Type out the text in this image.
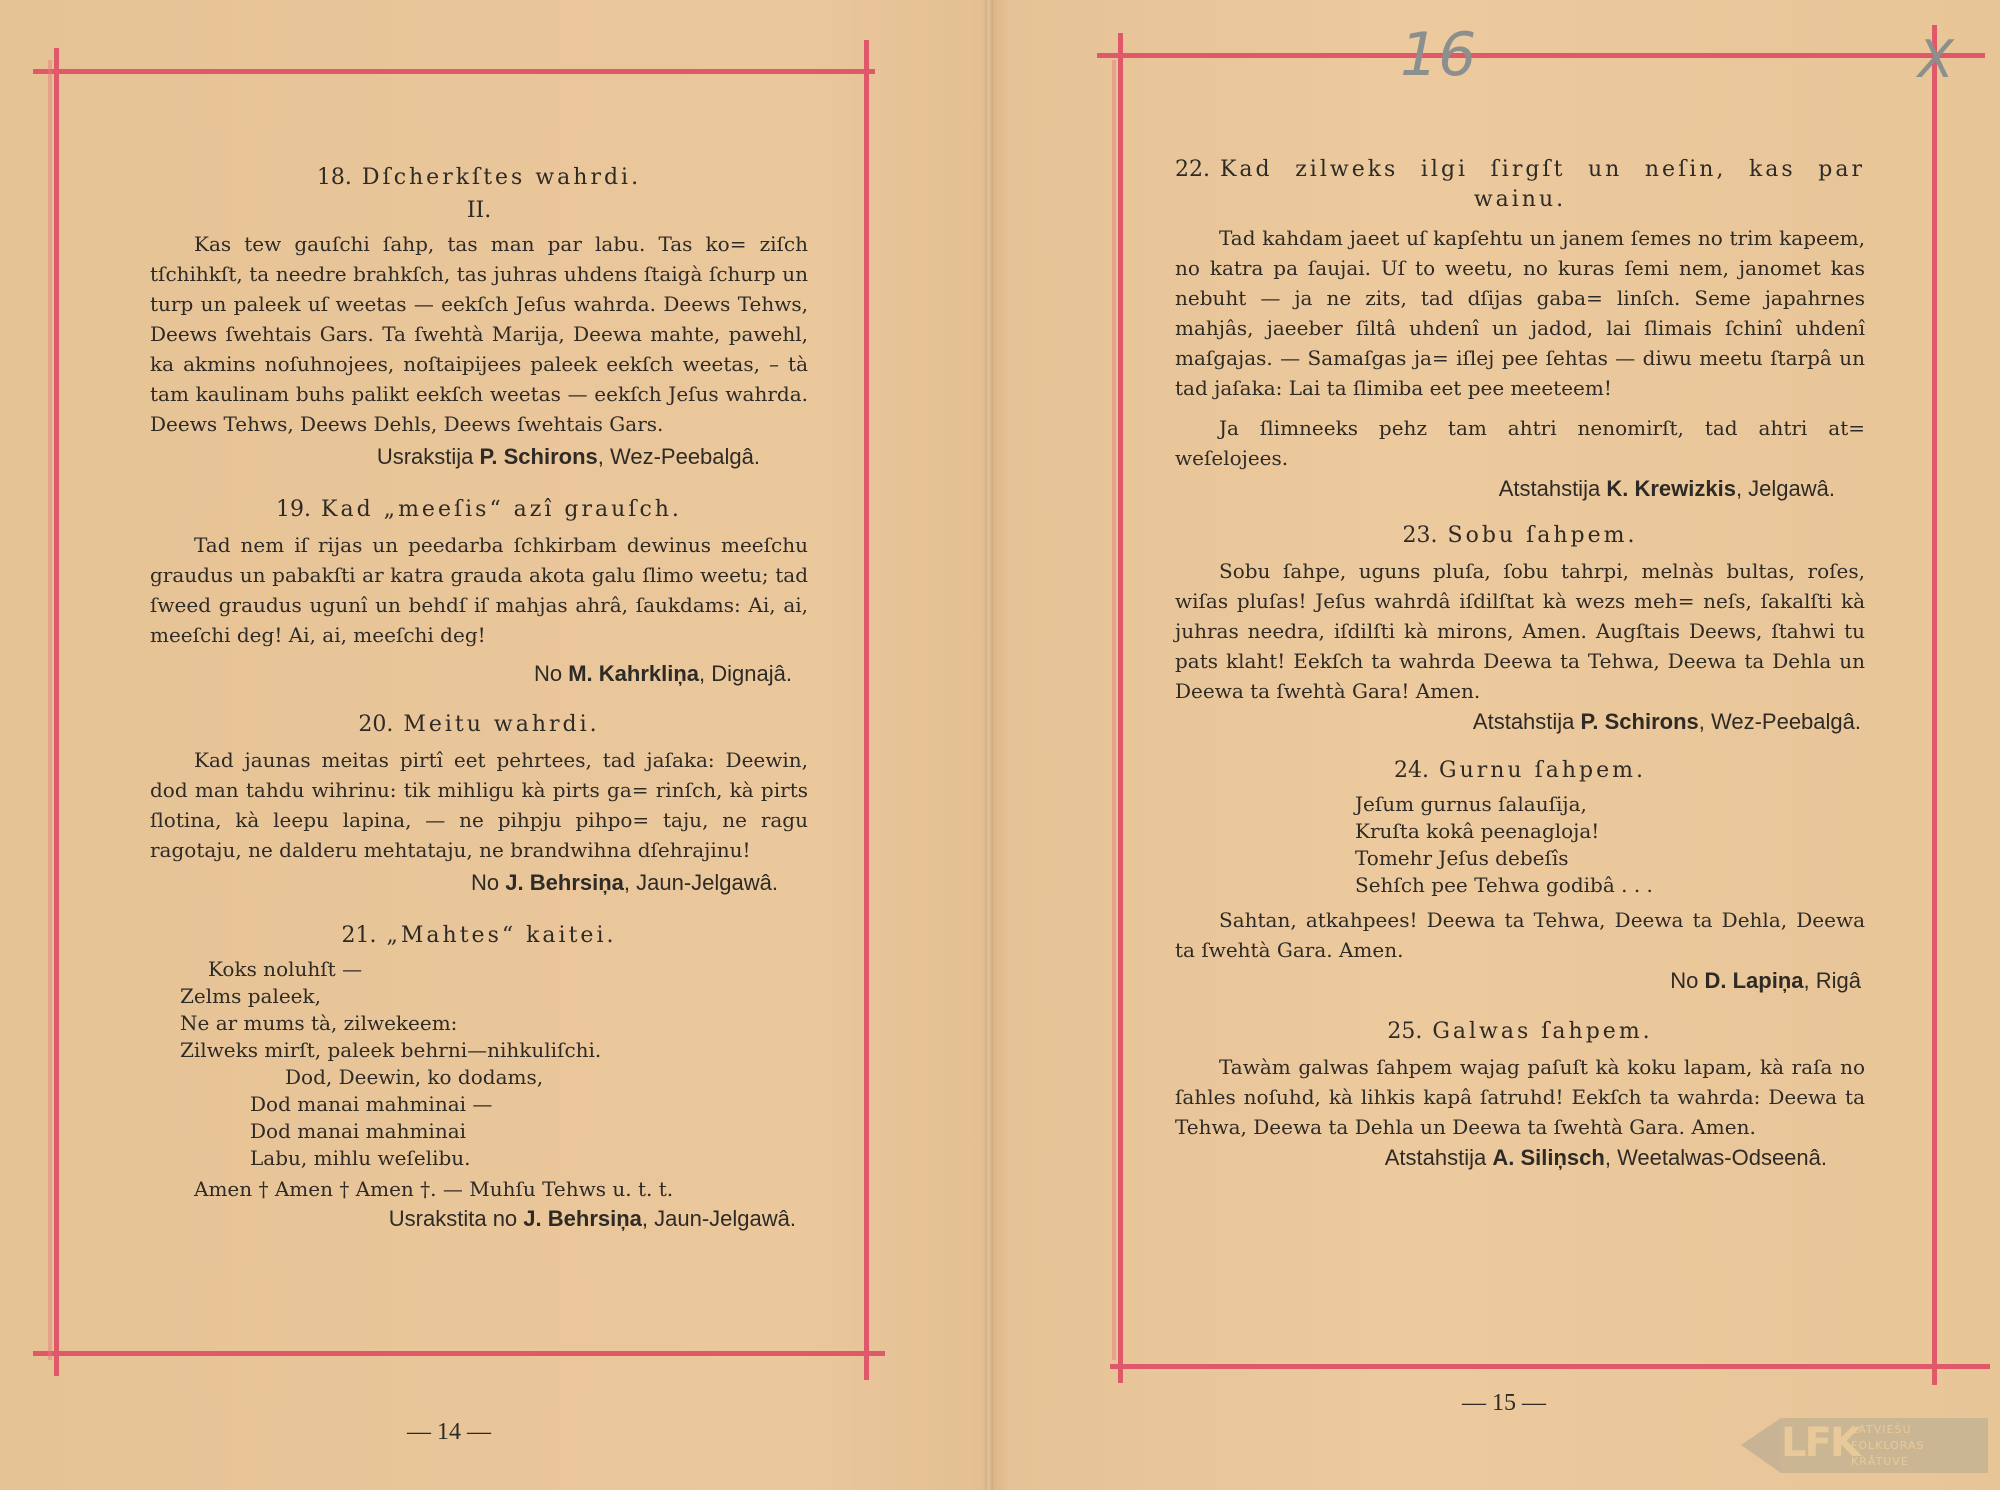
16	X
18. Dſcherkſtes wahrdi.
II.

Kas tew gauſchi ſahp, tas man par labu. Tas ko= ziſch tſchihkſt, ta needre brahkſch, tas juhras uhdens ſtaigà ſchurp un turp un paleek uſ weetas — eekſch Jeſus wahrda. Deews Tehws, Deews ſwehtais Gars. Ta ſwehtà Marija, Deewa mahte, pawehl, ka akmins noſuhnojees, noſtaipijees paleek eekſch weetas, – tà tam kaulinam buhs palikt eekſch weetas — eekſch Jeſus wahrda. Deews Tehws, Deews Dehls, Deews ſwehtais Gars.

Usrakstija P. Schirons, Wez-Peebalgâ.

19. Kad „meeſis“ azî grauſch.

Tad nem iſ rijas un peedarba ſchkirbam dewinus meeſchu graudus un pabakſti ar katra grauda akota galu ſlimo weetu; tad ſweed graudus ugunî un behdſ iſ mahjas ahrâ, ſaukdams: Ai, ai, meeſchi deg! Ai, ai, meeſchi deg!

No M. Kahrkliņa, Dignajâ.

20. Meitu wahrdi.

Kad jaunas meitas pirtî eet pehrtees, tad jaſaka: Deewin, dod man tahdu wihrinu: tik mihligu kà pirts ga= rinſch, kà pirts ſlotina, kà leepu lapina, — ne pihpju pihpo= taju, ne ragu ragotaju, ne dalderu mehtataju, ne brandwihna dſehrajinu!

No J. Behrsiņa, Jaun-Jelgawâ.

21. „Mahtes“ kaitei.

Koks noluhſt —

Zelms paleek,

Ne ar mums tà, zilwekeem:

Zilweks mirſt, paleek behrni—nihkuliſchi.

Dod, Deewin, ko dodams,

Dod manai mahminai —

Dod manai mahminai

Labu, mihlu weſelibu.

Amen † Amen † Amen †. — Muhſu Tehws u. t. t.

Usrakstita no J. Behrsiņa, Jaun-Jelgawâ.

— 14 —
22. Kad zilweks ilgi ſirgſt un neſin, kas par wainu.

Tad kahdam jaeet uſ kapſehtu un janem ſemes no trim kapeem, no katra pa ſaujai. Uſ to weetu, no kuras ſemi nem, janomet kas nebuht — ja ne zits, tad dſijas gaba= linſch. Seme japahrnes mahjâs, jaeeber ſiltâ uhdenî un jadod, lai ſlimais ſchinî uhdenî maſgajas. — Samaſgas ja= iſlej pee ſehtas — diwu meetu ſtarpâ un tad jaſaka: Lai ta ſlimiba eet pee meeteem!

Ja ſlimneeks pehz tam ahtri nenomirſt, tad ahtri at= weſelojees.

Atstahstija K. Krewizkis, Jelgawâ.

23. Sobu ſahpem.

Sobu ſahpe, uguns pluſa, ſobu tahrpi, melnàs bultas, roſes, wiſas pluſas! Jeſus wahrdâ iſdilſtat kà wezs meh= neſs, ſakalſti kà juhras needra, iſdilſti kà mirons, Amen. Augſtais Deews, ſtahwi tu pats klaht! Eekſch ta wahrda Deewa ta Tehwa, Deewa ta Dehla un Deewa ta ſwehtà Gara! Amen.

Atstahstija P. Schirons, Wez-Peebalgâ.

24. Gurnu ſahpem.

Jeſum gurnus ſalauſija,

Kruſta kokâ peenagloja!

Tomehr Jeſus debeſîs

Sehſch pee Tehwa godibâ . . .

Sahtan, atkahpees! Deewa ta Tehwa, Deewa ta Dehla, Deewa ta ſwehtà Gara. Amen.

No D. Lapiņa, Rigâ

25. Galwas ſahpem.

Tawàm galwas ſahpem wajag paſuſt kà koku lapam, kà raſa no ſahles noſuhd, kà lihkis kapâ ſatruhd! Eekſch ta wahrda: Deewa ta Tehwa, Deewa ta Dehla un Deewa ta ſwehtà Gara. Amen.

Atstahstija A. Siliņsch, Weetalwas-Odseenâ.

— 15 —
LFK
LATVIEŠU
FOLKLORAS
KRĀTUVE
